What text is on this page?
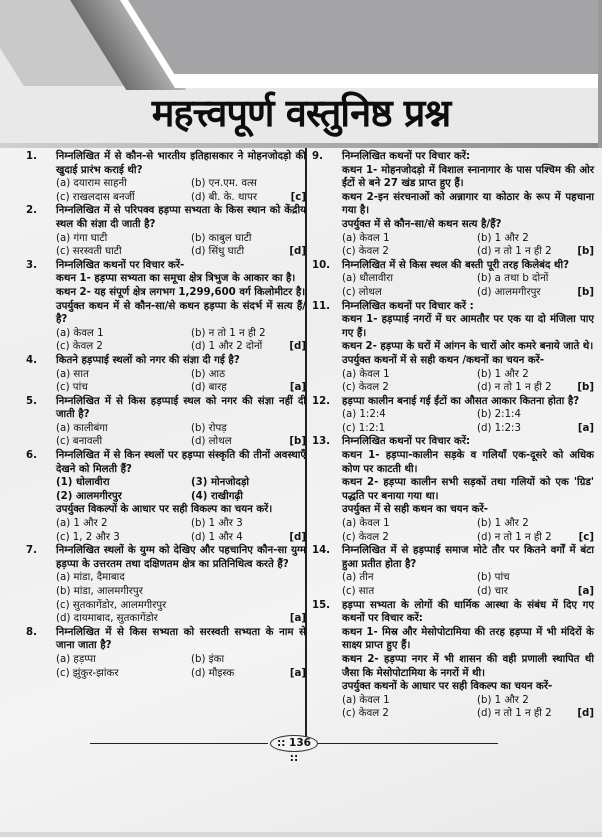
महत्त्वपूर्ण वस्तुनिष्ठ प्रश्न
1. निम्नलिखित में से कौन-से भारतीय इतिहासकार ने मोहनजोदड़ो की खुदाई प्रारंभ कराई थी?
(a) दयाराम साहनी	(b) एन.एम. वत्स
(c) राखलदास बनर्जी	(d) बी. के. थापर	[c]
2. निम्नलिखित में से परिपक्व हड़प्पा सभ्यता के किस स्थान को केंद्रीय स्थल की संज्ञा दी जाती है?
(a) गंगा घाटी	(b) काबुल घाटी
(c) सरस्वती घाटी	(d) सिंधु घाटी	[d]
3. निम्नलिखित कथनों पर विचार करें-
कथन 1- हड़प्पा सभ्यता का समूचा क्षेत्र त्रिभुज के आकार का है।
कथन 2- यह संपूर्ण क्षेत्र लगभग 1,299,600 वर्ग किलोमीटर है।
उपर्युक्त कथन में से कौन-सा/से कथन हड़प्पा के संदर्भ में सत्य हैं/ है?
(a) केवल 1	(b) न तो 1 न ही 2
(c) केवल 2	(d) 1 और 2 दोनों	[d]
4. कितने हड़प्पाई स्थलों को नगर की संज्ञा दी गई है?
(a) सात	(b) आठ
(c) पांच	(d) बारह	[a]
5. निम्नलिखित में से किस हड़प्पाई स्थल को नगर की संज्ञा नहीं दी जाती है?
(a) कालीबंगा	(b) रोपड़
(c) बनावली	(d) लोथल	[b]
6. निम्नलिखित में से किन स्थलों पर हड़प्पा संस्कृति की तीनों अवस्थाएँ देखने को मिलती हैं?
(1) धोलावीरा	(3) मोनजोदड़ो
(2) आलमगीरपुर	(4) राखीगढ़ी
उपर्युक्त विकल्पों के आधार पर सही विकल्प का चयन करें।
(a) 1 और 2	(b) 1 और 3
(c) 1, 2 और 3	(d) 1 और 4	[d]
7. निम्नलिखित स्थलों के युग्म को देखिए और पहचानिए कौन-सा युग्म हड़प्पा के उत्तरतम तथा दक्षिणतम क्षेत्र का प्रतिनिधित्व करते हैं?
(a) मांडा, दैमाबाद
(b) मांडा, आलमगीरपुर
(c) सुतकागेंडोर, आलमगीरपुर
(d) दायमाबाद, सुतकागेंडोर	[a]
8. निम्नलिखित में से किस सभ्यता को सरस्वती सभ्यता के नाम से जाना जाता है?
(a) हड़प्पा	(b) इंका
(c) झुंकुर-झांकर	(d) मौइस्क	[a]
9. निम्नलिखित कथनों पर विचार करें:
कथन 1- मोहनजोदड़ो में विशाल स्नानागार के पास पश्चिम की ओर ईंटों से बने 27 खंड प्राप्त हुए हैं।
कथन 2-इन संरचनाओं को अन्नागार या कोठार के रूप में पहचाना गया है।
उपर्युक्त में से कौन-सा/से कथन सत्य है/हैं?
(a) केवल 1	(b) 1 और 2
(c) केवल 2	(d) न तो 1 न ही 2	[b]
10. निम्नलिखित में से किस स्थल की बस्ती पूरी तरह किलेबंद थी?
(a) धौलावीरा	(b) a तथा b दोनों
(c) लोथल	(d) आलमगीरपुर	[b]
11. निम्नलिखित कथनों पर विचार करें :
कथन 1- हड़प्पाई नगरों में घर आमतौर पर एक या दो मंजिला पाए गए हैं।
कथन 2- हड़प्पा के घरों में आंगन के चारों ओर कमरे बनाये जाते थे।
उपर्युक्त कथनों में से सही कथन /कथनों का चयन करें-
(a) केवल 1	(b) 1 और 2
(c) केवल 2	(d) न तो 1 न ही 2	[b]
12. हड़प्पा कालीन बनाई गई ईंटों का औसत आकार कितना होता है?
(a) 1:2:4	(b) 2:1:4
(c) 1:2:1	(d) 1:2:3	[a]
13. निम्नलिखित कथनों पर विचार करें:
कथन 1- हड़प्पा-कालीन सड़के व गलियाँ एक-दूसरे को अधिक कोण पर काटती थी।
कथन 2- हड़प्पा कालीन सभी सड़कों तथा गलियों को एक 'ग्रिड' पद्धति पर बनाया गया था।
उपर्युक्त में से सही कथन का चयन करें-
(a) केवल 1	(b) 1 और 2
(c) केवल 2	(d) न तो 1 न ही 2	[c]
14. निम्नलिखित में से हड़प्पाई समाज मोटे तौर पर कितने वर्गों में बंटा हुआ प्रतीत होता है?
(a) तीन	(b) पांच
(c) सात	(d) चार	[a]
15. हड़प्पा सभ्यता के लोगों की धार्मिक आस्था के संबंध में दिए गए कथनों पर विचार करें:
कथन 1- मिस्र और मेसोपोटामिया की तरह हड़प्पा में भी मंदिरों के साक्ष्य प्राप्त हुए हैं।
कथन 2- हड़प्पा नगर में भी शासन की वही प्रणाली स्थापित थी जैसा कि मेसोपोटामिया के नगरों में थी।
उपर्युक्त कथनों के आधार पर सही विकल्प का चयन करें-
(a) केवल 1	(b) 1 और 2
(c) केवल 2	(d) न तो 1 न ही 2	[d]
:: 136 ::
